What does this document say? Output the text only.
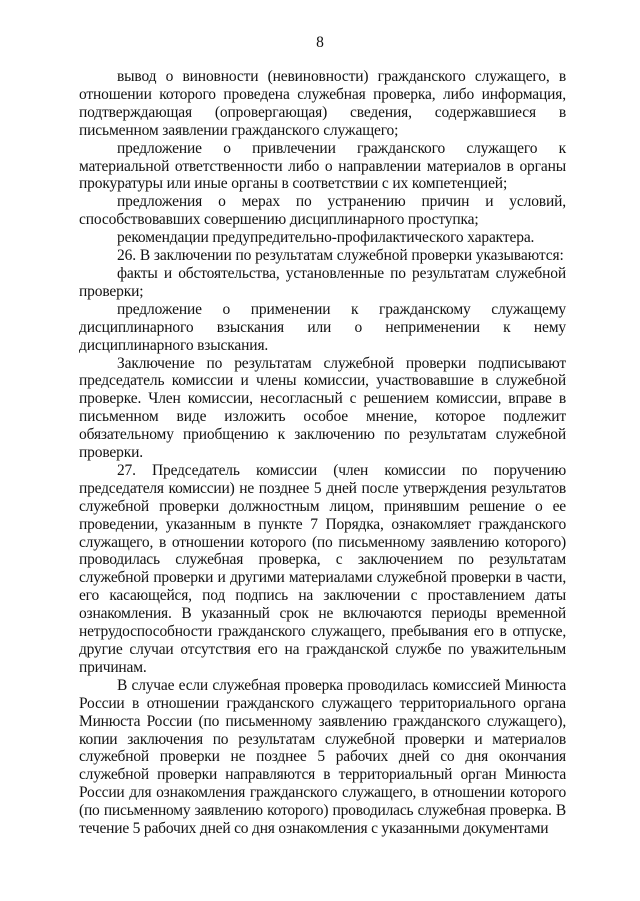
8

вывод о виновности (невиновности) гражданского служащего, в отношении которого проведена служебная проверка, либо информация, подтверждающая (опровергающая) сведения, содержавшиеся в письменном заявлении гражданского служащего;

предложение о привлечении гражданского служащего к материальной ответственности либо о направлении материалов в органы прокуратуры или иные органы в соответствии с их компетенцией;

предложения о мерах по устранению причин и условий, способствовавших совершению дисциплинарного проступка;

рекомендации предупредительно-профилактического характера.

26. В заключении по результатам служебной проверки указываются:

факты и обстоятельства, установленные по результатам служебной проверки;

предложение о применении к гражданскому служащему дисциплинарного взыскания или о неприменении к нему дисциплинарного взыскания.

Заключение по результатам служебной проверки подписывают председатель комиссии и члены комиссии, участвовавшие в служебной проверке. Член комиссии, несогласный с решением комиссии, вправе в письменном виде изложить особое мнение, которое подлежит обязательному приобщению к заключению по результатам служебной проверки.

27. Председатель комиссии (член комиссии по поручению председателя комиссии) не позднее 5 дней после утверждения результатов служебной проверки должностным лицом, принявшим решение о ее проведении, указанным в пункте 7 Порядка, ознакомляет гражданского служащего, в отношении которого (по письменному заявлению которого) проводилась служебная проверка, с заключением по результатам служебной проверки и другими материалами служебной проверки в части, его касающейся, под подпись на заключении с проставлением даты ознакомления. В указанный срок не включаются периоды временной нетрудоспособности гражданского служащего, пребывания его в отпуске, другие случаи отсутствия его на гражданской службе по уважительным причинам.

В случае если служебная проверка проводилась комиссией Минюста России в отношении гражданского служащего территориального органа Минюста России (по письменному заявлению гражданского служащего), копии заключения по результатам служебной проверки и материалов служебной проверки не позднее 5 рабочих дней со дня окончания служебной проверки направляются в территориальный орган Минюста России для ознакомления гражданского служащего, в отношении которого (по письменному заявлению которого) проводилась служебная проверка. В течение 5 рабочих дней со дня ознакомления с указанными документами
